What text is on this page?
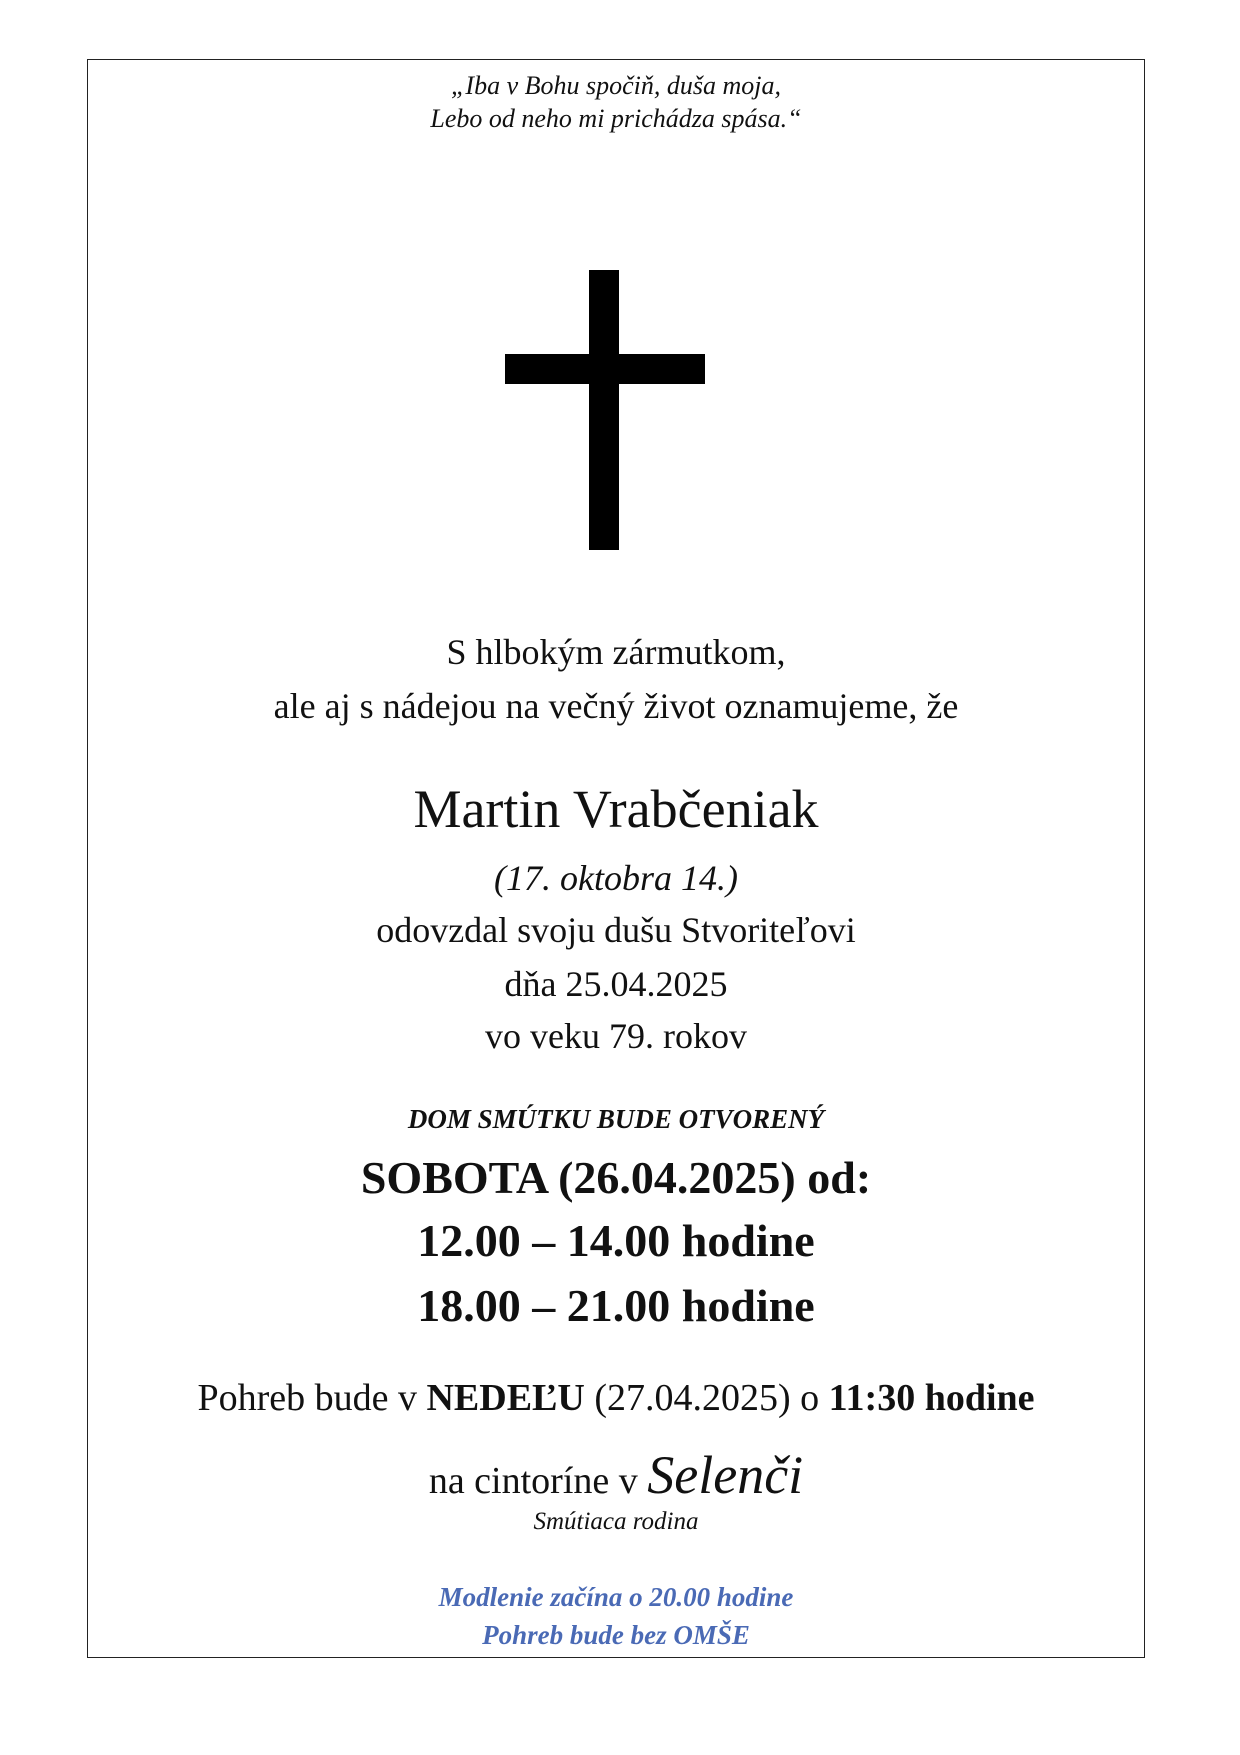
„Iba v Bohu spočiň, duša moja,
Lebo od neho mi prichádza spása.“
S hlbokým zármutkom,
ale aj s nádejou na večný život oznamujeme, že
Martin Vrabčeniak
(17. oktobra 14.)
odovzdal svoju dušu Stvoriteľovi
dňa 25.04.2025
vo veku 79. rokov
DOM SMÚTKU BUDE OTVORENÝ
SOBOTA (26.04.2025) od:
12.00 – 14.00 hodine
18.00 – 21.00 hodine
Pohreb bude v NEDEĽU (27.04.2025) o 11:30 hodine
na cintoríne v Selenči
Smútiaca rodina
Modlenie začína o 20.00 hodine
Pohreb bude bez OMŠE
